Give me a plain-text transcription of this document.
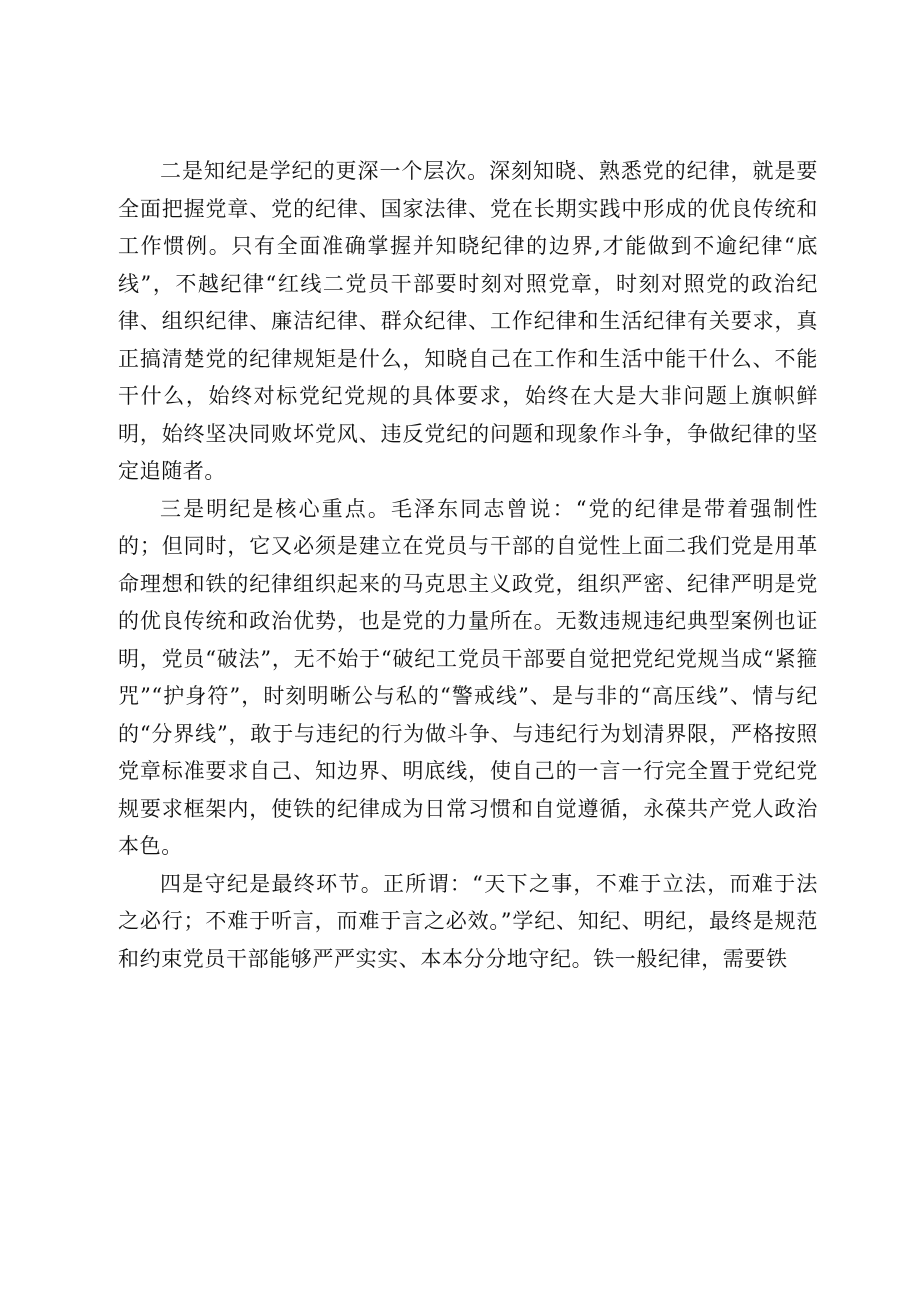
二是知纪是学纪的更深一个层次。深刻知晓、熟悉党的纪律，就是要全面把握党章、党的纪律、国家法律、党在长期实践中形成的优良传统和工作惯例。只有全面准确掌握并知晓纪律的边界,才能做到不逾纪律“底线”，不越纪律“红线二党员干部要时刻对照党章，时刻对照党的政治纪律、组织纪律、廉洁纪律、群众纪律、工作纪律和生活纪律有关要求，真正搞清楚党的纪律规矩是什么，知晓自己在工作和生活中能干什么、不能干什么，始终对标党纪党规的具体要求，始终在大是大非问题上旗帜鲜明，始终坚决同败坏党风、违反党纪的问题和现象作斗争，争做纪律的坚定追随者。

三是明纪是核心重点。毛泽东同志曾说：“党的纪律是带着强制性的；但同时，它又必须是建立在党员与干部的自觉性上面二我们党是用革命理想和铁的纪律组织起来的马克思主义政党，组织严密、纪律严明是党的优良传统和政治优势，也是党的力量所在。无数违规违纪典型案例也证明，党员“破法”，无不始于“破纪工党员干部要自觉把党纪党规当成“紧箍咒”“护身符”，时刻明晰公与私的“警戒线”、是与非的“高压线”、情与纪的“分界线”，敢于与违纪的行为做斗争、与违纪行为划清界限，严格按照党章标准要求自己、知边界、明底线，使自己的一言一行完全置于党纪党规要求框架内，使铁的纪律成为日常习惯和自觉遵循，永葆共产党人政治本色。

四是守纪是最终环节。正所谓：“天下之事，不难于立法，而难于法之必行；不难于听言，而难于言之必效。”学纪、知纪、明纪，最终是规范和约束党员干部能够严严实实、本本分分地守纪。铁一般纪律，需要铁
